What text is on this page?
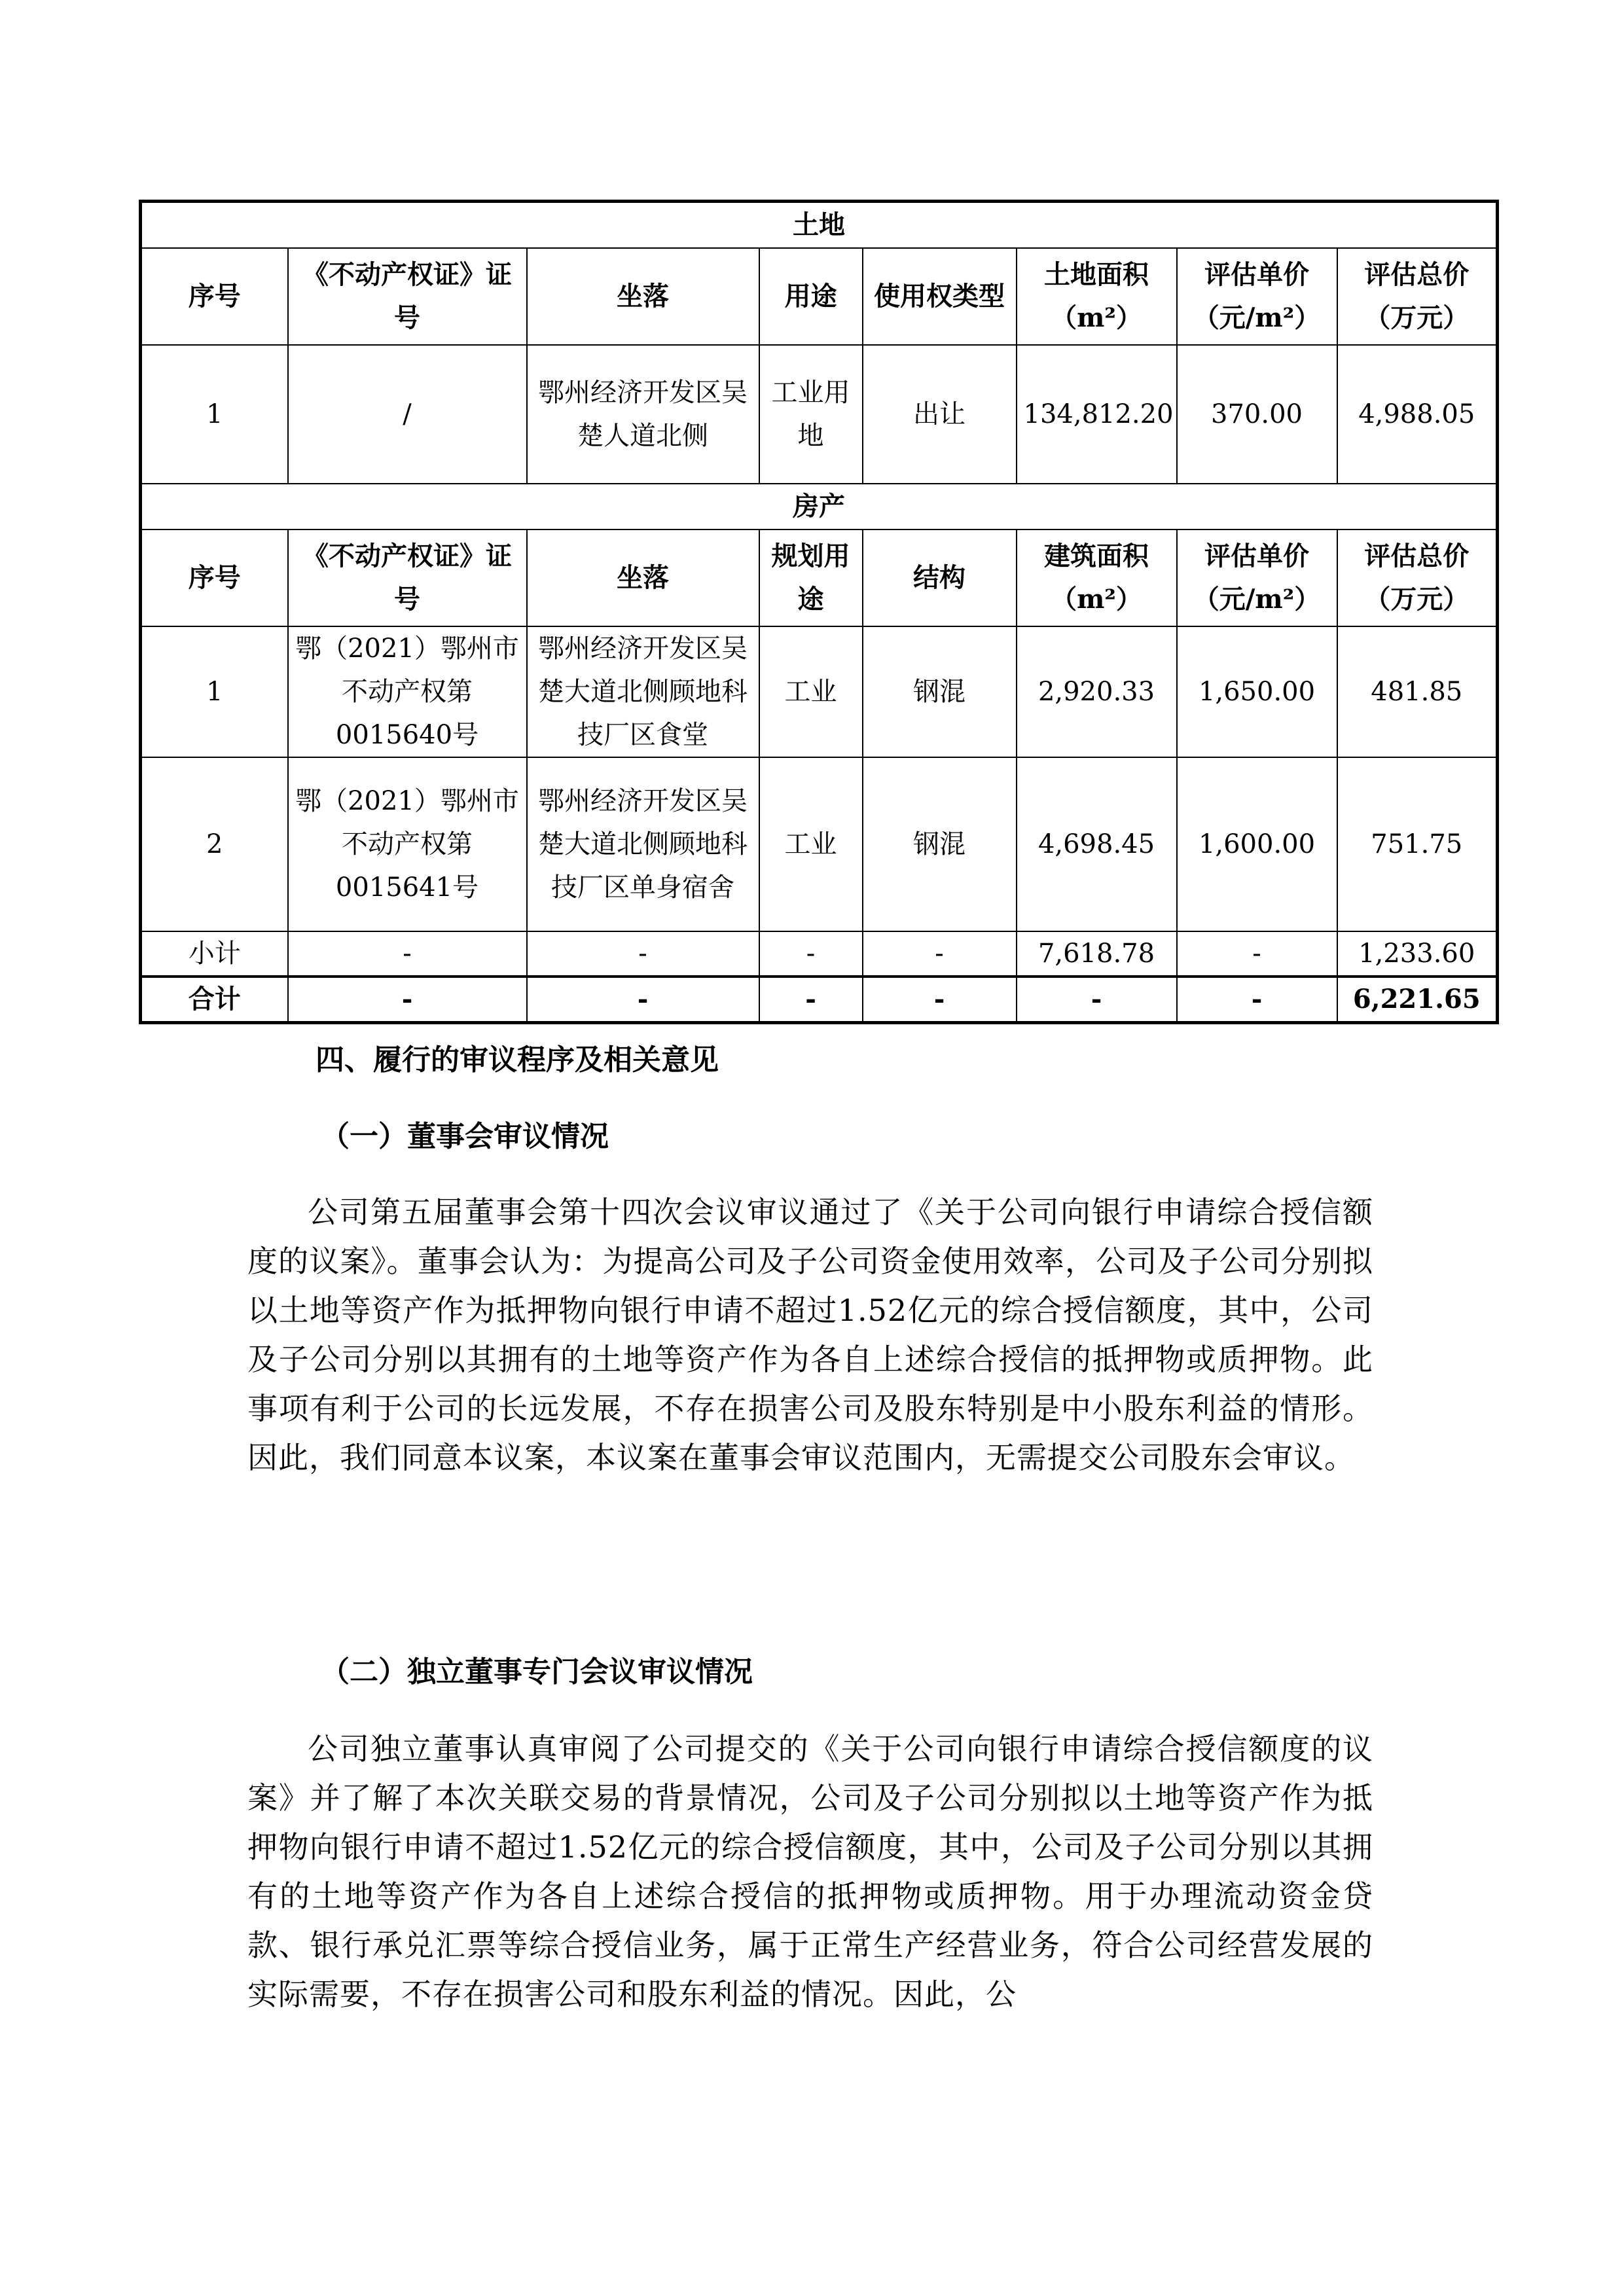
土地							
序号	《不动产权证》证号	坐落	用途	使用权类型	土地面积（m²）	评估单价（元/m²）	评估总价（万元）
1	/	鄂州经济开发区吴楚人道北侧	工业用地	出让	134,812.20	370.00	4,988.05
房产							
序号	《不动产权证》证号	坐落	规划用途	结构	建筑面积（m²）	评估单价（元/m²）	评估总价（万元）
1	鄂（2021）鄂州市不动产权第0015640号	鄂州经济开发区吴楚大道北侧顾地科技厂区食堂	工业	钢混	2,920.33	1,650.00	481.85
2	鄂（2021）鄂州市不动产权第0015641号	鄂州经济开发区吴楚大道北侧顾地科技厂区单身宿舍	工业	钢混	4,698.45	1,600.00	751.75
小计	-	-	-	-	7,618.78	-	1,233.60
合计	-	-	-	-	-	-	6,221.65
四、履行的审议程序及相关意见
（一）董事会审议情况

公司第五届董事会第十四次会议审议通过了《关于公司向银行申请综合授信额度的议案》。董事会认为：为提高公司及子公司资金使用效率，公司及子公司分别拟以土地等资产作为抵押物向银行申请不超过1.52亿元的综合授信额度，其中，公司及子公司分别以其拥有的土地等资产作为各自上述综合授信的抵押物或质押物。此事项有利于公司的长远发展，不存在损害公司及股东特别是中小股东利益的情形。因此，我们同意本议案，本议案在董事会审议范围内，无需提交公司股东会审议。

（二）独立董事专门会议审议情况

公司独立董事认真审阅了公司提交的《关于公司向银行申请综合授信额度的议案》并了解了本次关联交易的背景情况，公司及子公司分别拟以土地等资产作为抵押物向银行申请不超过1.52亿元的综合授信额度，其中，公司及子公司分别以其拥有的土地等资产作为各自上述综合授信的抵押物或质押物。用于办理流动资金贷款、银行承兑汇票等综合授信业务，属于正常生产经营业务，符合公司经营发展的实际需要，不存在损害公司和股东利益的情况。因此，公
